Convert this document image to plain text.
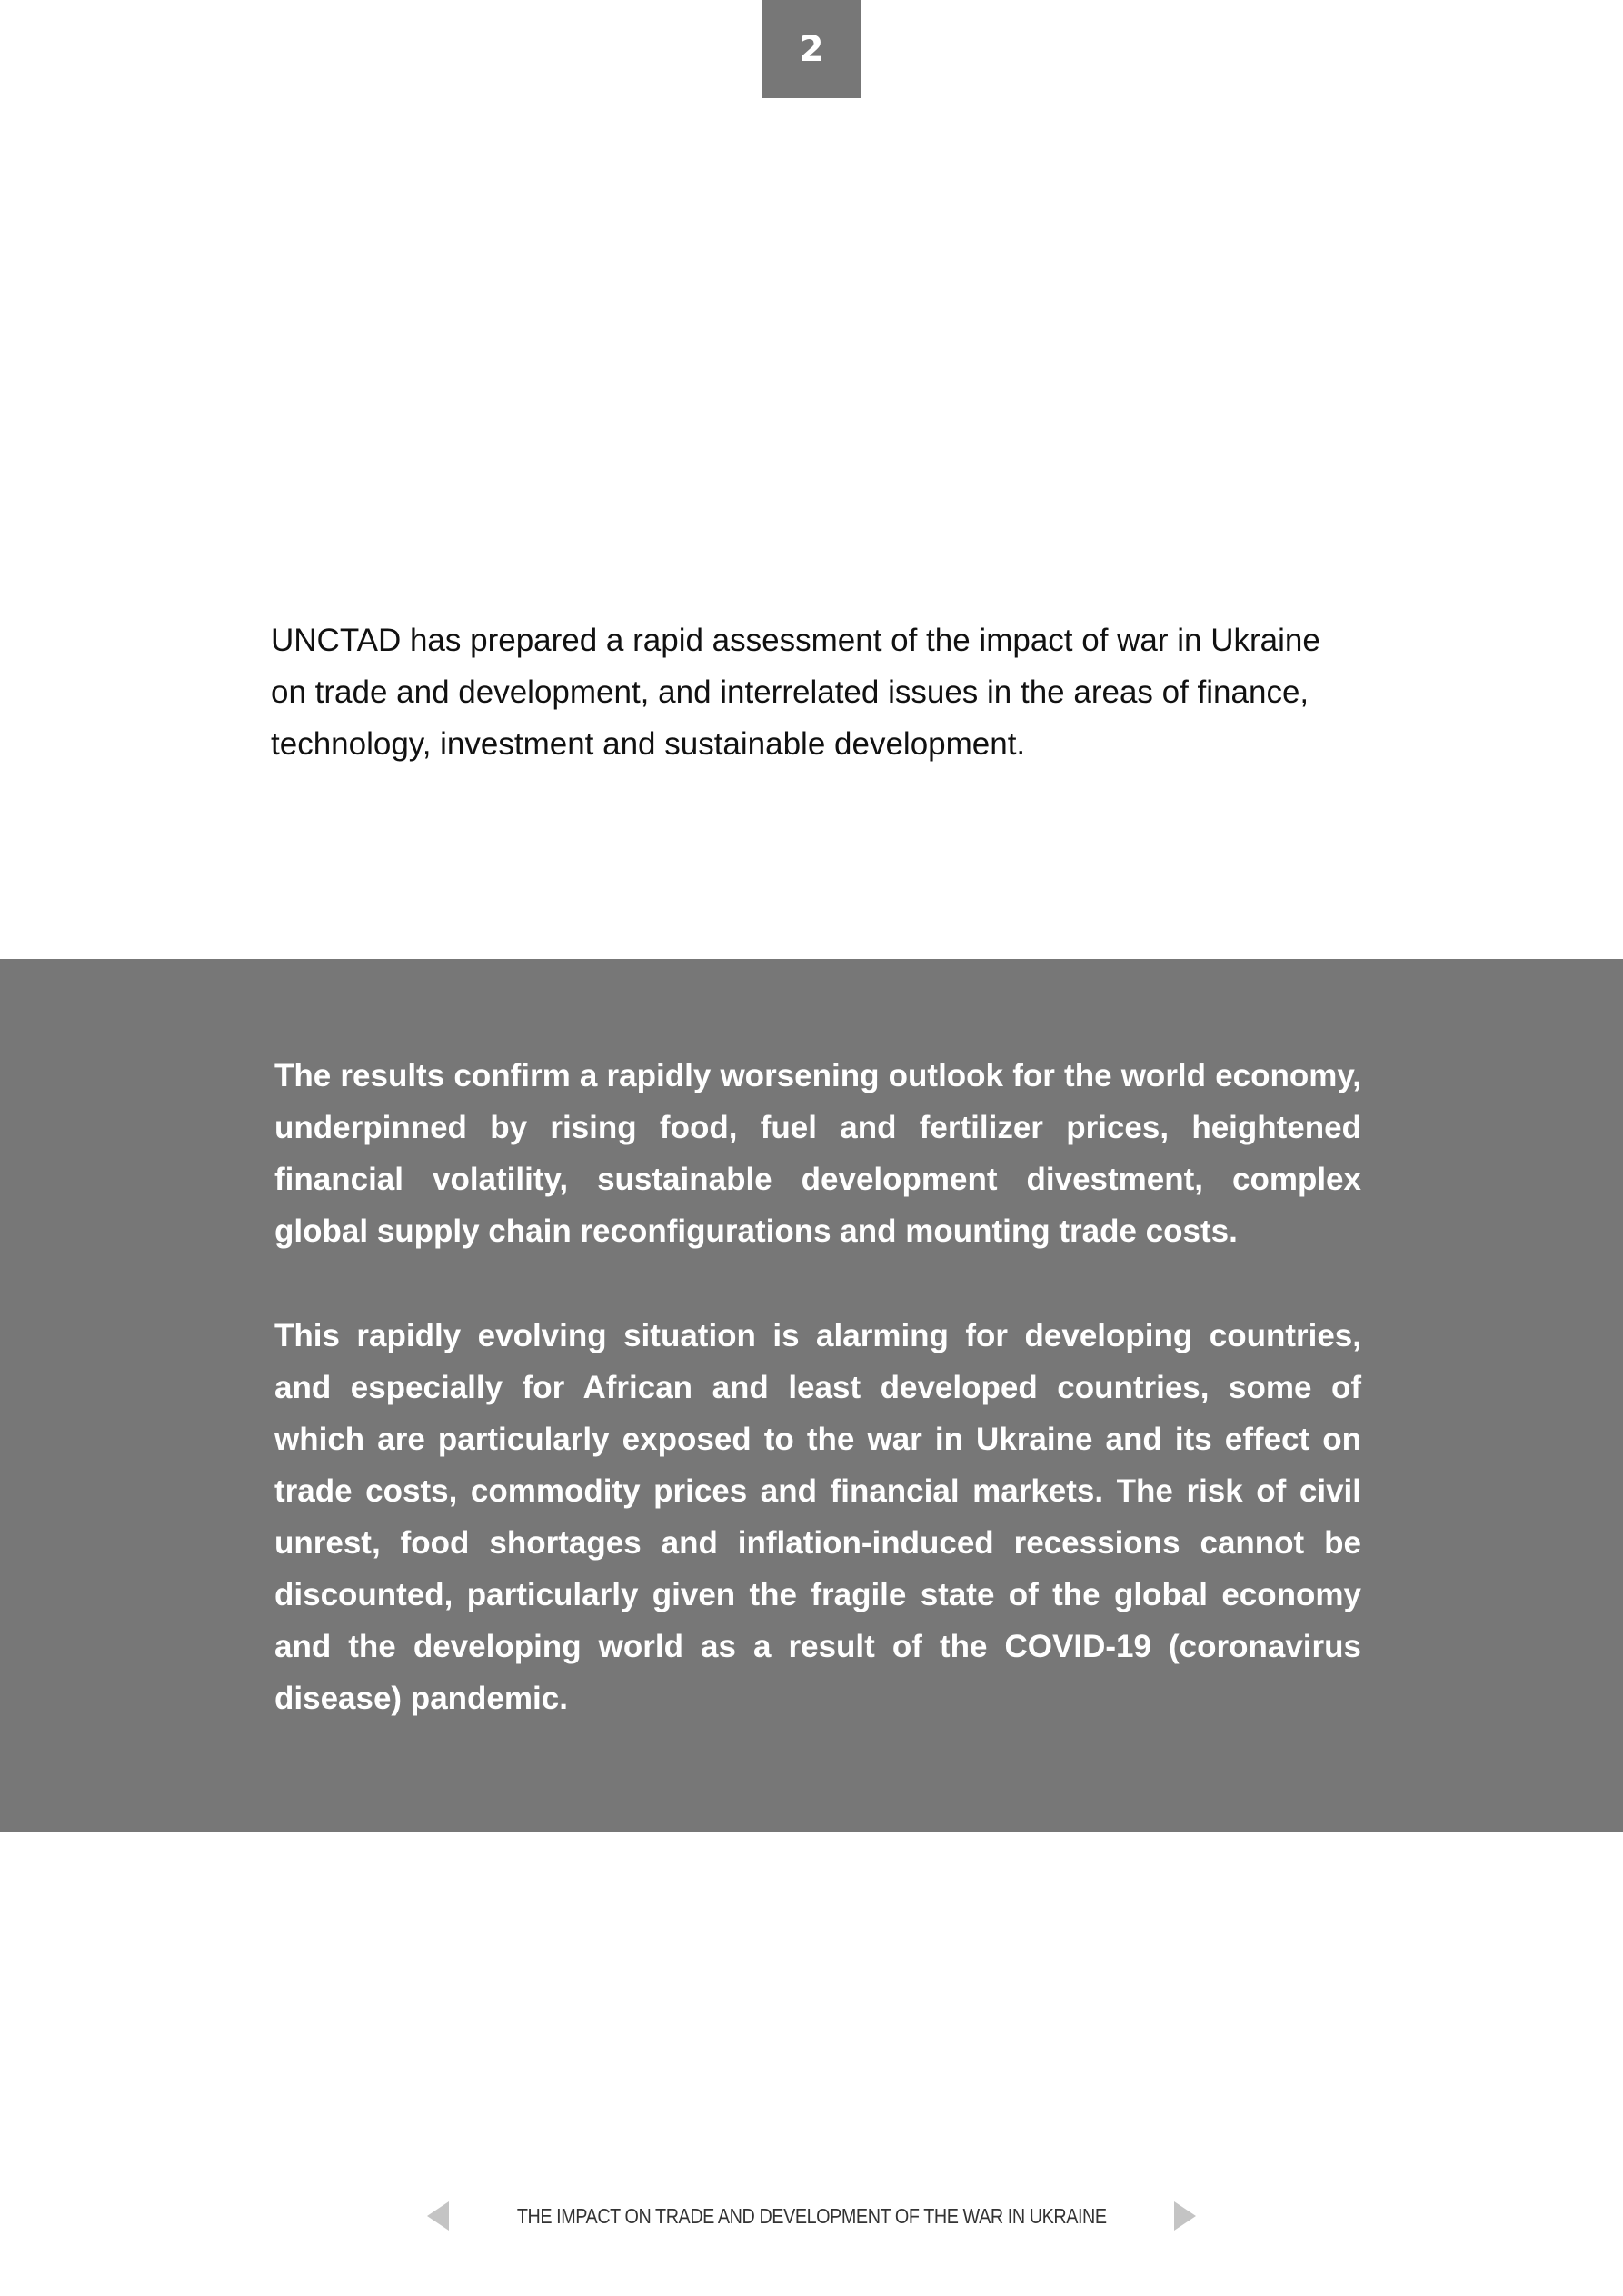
2

UNCTAD has prepared a rapid assessment of the impact of war in Ukraine on trade and development, and interrelated issues in the areas of finance, technology, investment and sustainable development.

The results confirm a rapidly worsening outlook for the world economy, underpinned by rising food, fuel and fertilizer prices, heightened financial volatility, sustainable development divestment, complex global supply chain reconfigurations and mounting trade costs.

This rapidly evolving situation is alarming for developing countries, and especially for African and least developed countries, some of which are particularly exposed to the war in Ukraine and its effect on trade costs, commodity prices and financial markets. The risk of civil unrest, food shortages and inflation-induced recessions cannot be discounted, particularly given the fragile state of the global economy and the developing world as a result of the COVID-19 (coronavirus disease) pandemic.

THE IMPACT ON TRADE AND DEVELOPMENT OF THE WAR IN UKRAINE
